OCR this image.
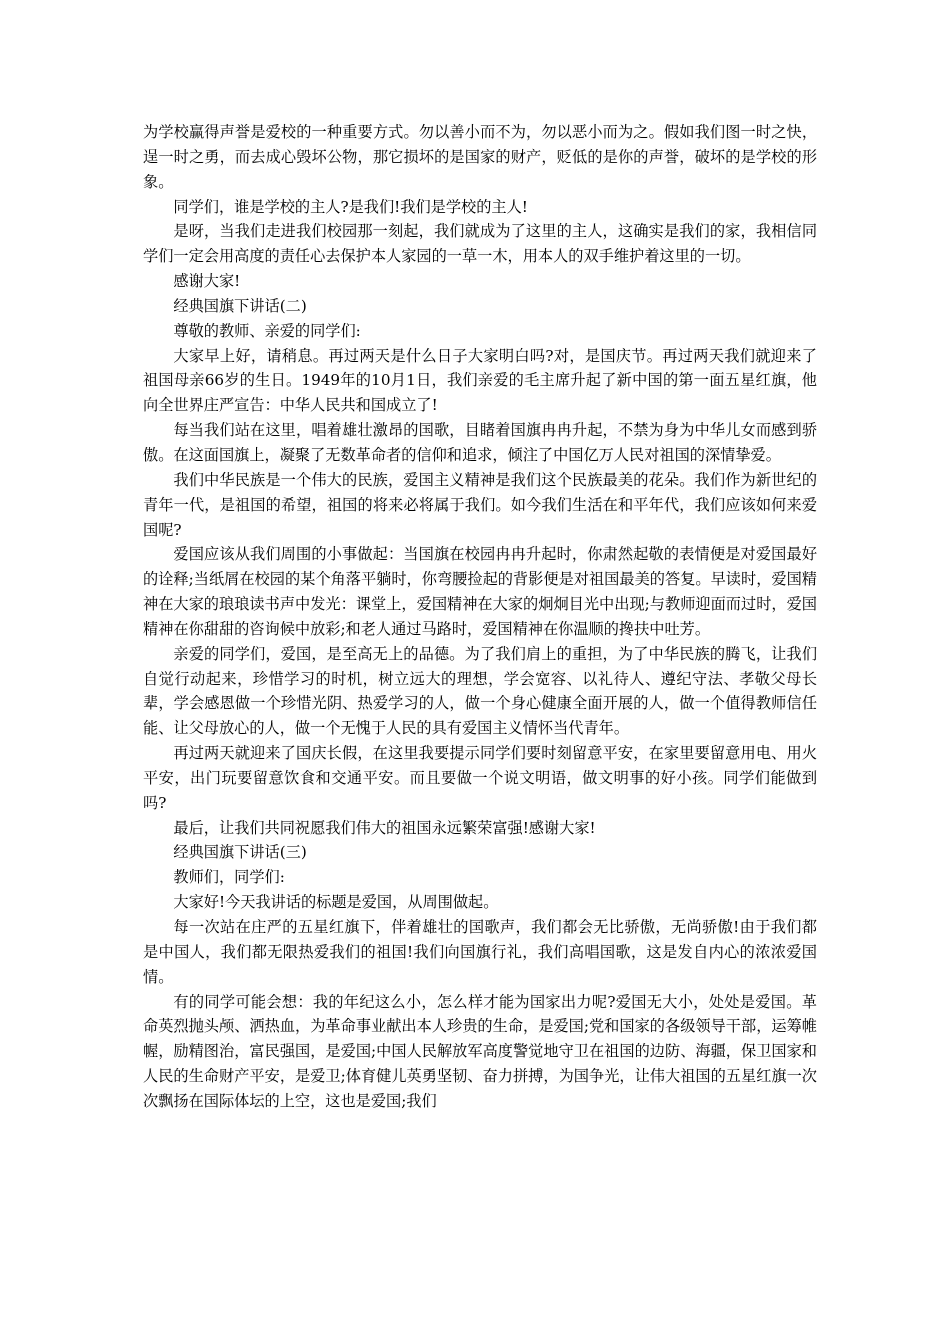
为学校赢得声誉是爱校的一种重要方式。勿以善小而不为，勿以恶小而为之。假如我们图一时之快，逞一时之勇，而去成心毁坏公物，那它损坏的是国家的财产，贬低的是你的声誉，破坏的是学校的形象。

同学们，谁是学校的主人?是我们!我们是学校的主人!

是呀，当我们走进我们校园那一刻起，我们就成为了这里的主人，这确实是我们的家，我相信同学们一定会用高度的责任心去保护本人家园的一草一木，用本人的双手维护着这里的一切。

感谢大家!

经典国旗下讲话(二)

尊敬的教师、亲爱的同学们:

大家早上好，请稍息。再过两天是什么日子大家明白吗?对，是国庆节。再过两天我们就迎来了祖国母亲66岁的生日。1949年的10月1日，我们亲爱的毛主席升起了新中国的第一面五星红旗，他向全世界庄严宣告：中华人民共和国成立了!

每当我们站在这里，唱着雄壮激昂的国歌，目睹着国旗冉冉升起，不禁为身为中华儿女而感到骄傲。在这面国旗上，凝聚了无数革命者的信仰和追求，倾注了中国亿万人民对祖国的深情挚爱。

我们中华民族是一个伟大的民族，爱国主义精神是我们这个民族最美的花朵。我们作为新世纪的青年一代，是祖国的希望，祖国的将来必将属于我们。如今我们生活在和平年代，我们应该如何来爱国呢?

爱国应该从我们周围的小事做起：当国旗在校园冉冉升起时，你肃然起敬的表情便是对爱国最好的诠释;当纸屑在校园的某个角落平躺时，你弯腰捡起的背影便是对祖国最美的答复。早读时，爱国精神在大家的琅琅读书声中发光：课堂上，爱国精神在大家的炯炯目光中出现;与教师迎面而过时，爱国精神在你甜甜的咨询候中放彩;和老人通过马路时，爱国精神在你温顺的搀扶中吐芳。

亲爱的同学们，爱国，是至高无上的品德。为了我们肩上的重担，为了中华民族的腾飞，让我们自觉行动起来，珍惜学习的时机，树立远大的理想，学会宽容、以礼待人、遵纪守法、孝敬父母长辈，学会感恩做一个珍惜光阴、热爱学习的人，做一个身心健康全面开展的人，做一个值得教师信任能、让父母放心的人，做一个无愧于人民的具有爱国主义情怀当代青年。

再过两天就迎来了国庆长假，在这里我要提示同学们要时刻留意平安，在家里要留意用电、用火平安，出门玩要留意饮食和交通平安。而且要做一个说文明语，做文明事的好小孩。同学们能做到吗?

最后，让我们共同祝愿我们伟大的祖国永远繁荣富强!感谢大家!

经典国旗下讲话(三)

教师们，同学们:

大家好!今天我讲话的标题是爱国，从周围做起。

每一次站在庄严的五星红旗下，伴着雄壮的国歌声，我们都会无比骄傲，无尚骄傲!由于我们都是中国人，我们都无限热爱我们的祖国!我们向国旗行礼，我们高唱国歌，这是发自内心的浓浓爱国情。

有的同学可能会想：我的年纪这么小，怎么样才能为国家出力呢?爱国无大小，处处是爱国。革命英烈抛头颅、洒热血，为革命事业献出本人珍贵的生命，是爱国;党和国家的各级领导干部，运筹帷幄，励精图治，富民强国，是爱国;中国人民解放军高度警觉地守卫在祖国的边防、海疆，保卫国家和人民的生命财产平安，是爱卫;体育健儿英勇坚韧、奋力拼搏，为国争光，让伟大祖国的五星红旗一次次飘扬在国际体坛的上空，这也是爱国;我们
